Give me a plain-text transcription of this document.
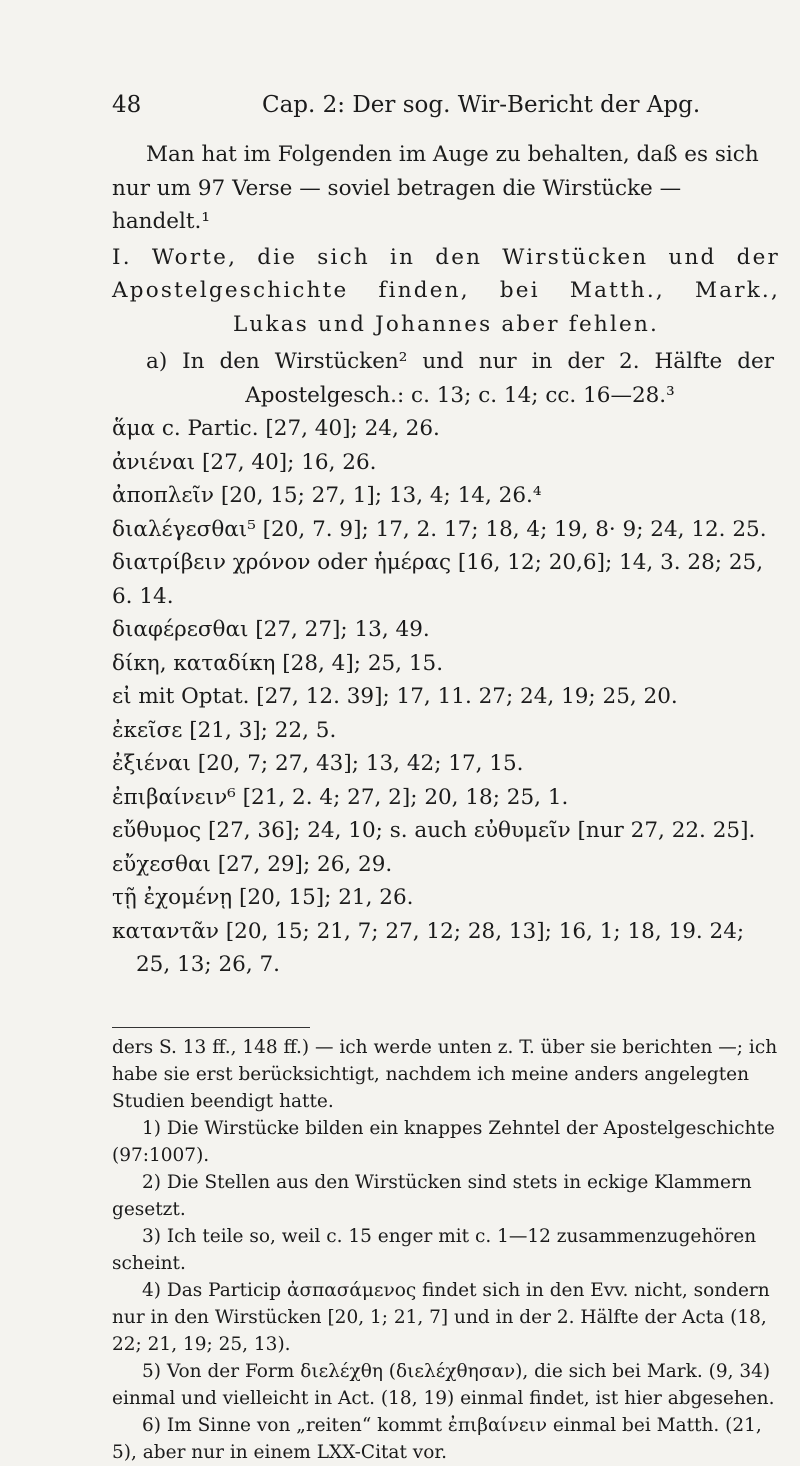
48	Cap. 2: Der sog. Wir-Bericht der Apg.

Man hat im Folgenden im Auge zu behalten, daß es sich nur um 97 Verse — soviel betragen die Wirstücke — handelt.¹

I. Worte, die sich in den Wirstücken und der Apostelgeschichte finden, bei Matth., Mark., Lukas und Johannes aber fehlen.

a) In den Wirstücken² und nur in der 2. Hälfte der Apostelgesch.: c. 13; c. 14; cc. 16—28.³

ἅμα c. Partic. [27, 40]; 24, 26.

ἀνιέναι [27, 40]; 16, 26.

ἀποπλεῖν [20, 15; 27, 1]; 13, 4; 14, 26.⁴

διαλέγεσθαι⁵ [20, 7. 9]; 17, 2. 17; 18, 4; 19, 8· 9; 24, 12. 25.

διατρίβειν χρόνον oder ἡμέρας [16, 12; 20,6]; 14, 3. 28; 25, 6. 14.

διαφέρεσθαι [27, 27]; 13, 49.

δίκη, καταδίκη [28, 4]; 25, 15.

εἰ mit Optat. [27, 12. 39]; 17, 11. 27; 24, 19; 25, 20.

ἐκεῖσε [21, 3]; 22, 5.

ἐξιέναι [20, 7; 27, 43]; 13, 42; 17, 15.

ἐπιβαίνειν⁶ [21, 2. 4; 27, 2]; 20, 18; 25, 1.

εὔθυμος [27, 36]; 24, 10; s. auch εὐθυμεῖν [nur 27, 22. 25].

εὔχεσθαι [27, 29]; 26, 29.

τῇ ἐχομένῃ [20, 15]; 21, 26.

καταντᾶν [20, 15; 21, 7; 27, 12; 28, 13]; 16, 1; 18, 19. 24; 25, 13; 26, 7.

ders S. 13 ff., 148 ff.) — ich werde unten z. T. über sie berichten —; ich habe sie erst berücksichtigt, nachdem ich meine anders angelegten Studien beendigt hatte.

1) Die Wirstücke bilden ein knappes Zehntel der Apostelgeschichte (97:1007).

2) Die Stellen aus den Wirstücken sind stets in eckige Klammern gesetzt.

3) Ich teile so, weil c. 15 enger mit c. 1—12 zusammenzugehören scheint.

4) Das Particip ἀσπασάμενος findet sich in den Evv. nicht, sondern nur in den Wirstücken [20, 1; 21, 7] und in der 2. Hälfte der Acta (18, 22; 21, 19; 25, 13).

5) Von der Form διελέχθη (διελέχθησαν), die sich bei Mark. (9, 34) einmal und vielleicht in Act. (18, 19) einmal findet, ist hier abgesehen.

6) Im Sinne von „reiten“ kommt ἐπιβαίνειν einmal bei Matth. (21, 5), aber nur in einem LXX-Citat vor.
